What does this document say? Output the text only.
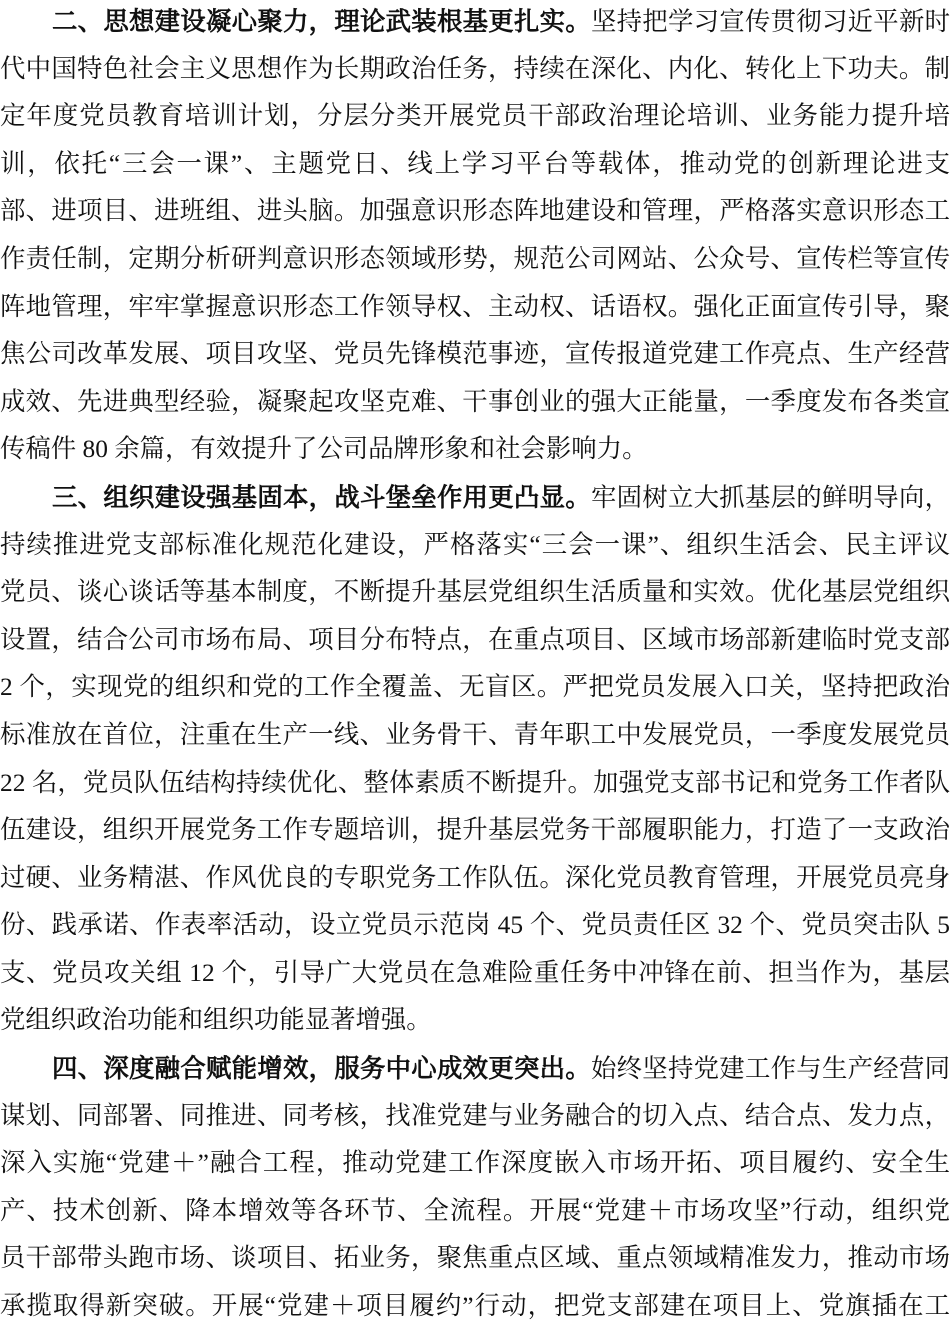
二、思想建设凝心聚力，理论武装根基更扎实。坚持把学习宣传贯彻习近平新时
代中国特色社会主义思想作为长期政治任务，持续在深化、内化、转化上下功夫。制
定年度党员教育培训计划，分层分类开展党员干部政治理论培训、业务能力提升培
训，依托“三会一课”、主题党日、线上学习平台等载体，推动党的创新理论进支
部、进项目、进班组、进头脑。加强意识形态阵地建设和管理，严格落实意识形态工
作责任制，定期分析研判意识形态领域形势，规范公司网站、公众号、宣传栏等宣传
阵地管理，牢牢掌握意识形态工作领导权、主动权、话语权。强化正面宣传引导，聚
焦公司改革发展、项目攻坚、党员先锋模范事迹，宣传报道党建工作亮点、生产经营
成效、先进典型经验，凝聚起攻坚克难、干事创业的强大正能量，一季度发布各类宣
传稿件 80 余篇，有效提升了公司品牌形象和社会影响力。
三、组织建设强基固本，战斗堡垒作用更凸显。牢固树立大抓基层的鲜明导向，
持续推进党支部标准化规范化建设，严格落实“三会一课”、组织生活会、民主评议
党员、谈心谈话等基本制度，不断提升基层党组织生活质量和实效。优化基层党组织
设置，结合公司市场布局、项目分布特点，在重点项目、区域市场部新建临时党支部
2 个，实现党的组织和党的工作全覆盖、无盲区。严把党员发展入口关，坚持把政治
标准放在首位，注重在生产一线、业务骨干、青年职工中发展党员，一季度发展党员
22 名，党员队伍结构持续优化、整体素质不断提升。加强党支部书记和党务工作者队
伍建设，组织开展党务工作专题培训，提升基层党务干部履职能力，打造了一支政治
过硬、业务精湛、作风优良的专职党务工作队伍。深化党员教育管理，开展党员亮身
份、践承诺、作表率活动，设立党员示范岗 45 个、党员责任区 32 个、党员突击队 5
支、党员攻关组 12 个，引导广大党员在急难险重任务中冲锋在前、担当作为，基层
党组织政治功能和组织功能显著增强。
四、深度融合赋能增效，服务中心成效更突出。始终坚持党建工作与生产经营同
谋划、同部署、同推进、同考核，找准党建与业务融合的切入点、结合点、发力点，
深入实施“党建＋”融合工程，推动党建工作深度嵌入市场开拓、项目履约、安全生
产、技术创新、降本增效等各环节、全流程。开展“党建＋市场攻坚”行动，组织党
员干部带头跑市场、谈项目、拓业务，聚焦重点区域、重点领域精准发力，推动市场
承揽取得新突破。开展“党建＋项目履约”行动，把党支部建在项目上、党旗插在工
